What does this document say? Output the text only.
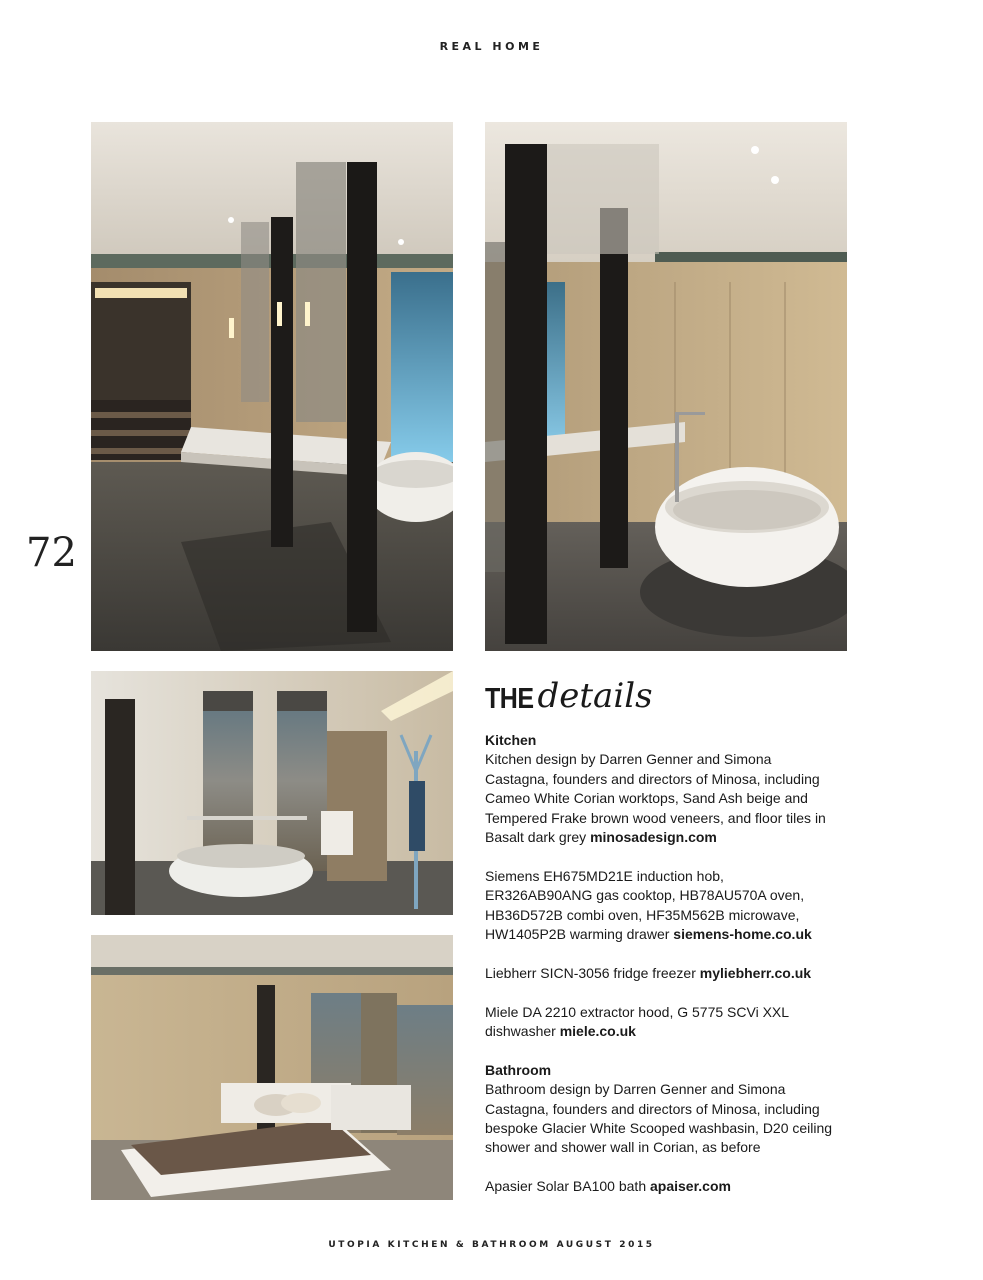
REAL HOME
72
THE details
Kitchen

Kitchen design by Darren Genner and Simona Castagna, founders and directors of Minosa, including Cameo White Corian worktops, Sand Ash beige and Tempered Frake brown wood veneers, and floor tiles in Basalt dark grey minosadesign.com

Siemens EH675MD21E induction hob, ER326AB90ANG gas cooktop, HB78AU570A oven, HB36D572B combi oven, HF35M562B microwave, HW1405P2B warming drawer siemens-home.co.uk

Liebherr SICN-3056 fridge freezer myliebherr.co.uk

Miele DA 2210 extractor hood, G 5775 SCVi XXL dishwasher miele.co.uk

Bathroom

Bathroom design by Darren Genner and Simona Castagna, founders and directors of Minosa, including bespoke Glacier White Scooped washbasin, D20 ceiling shower and shower wall in Corian, as before

Apasier Solar BA100 bath apaiser.com

UTOPIA KITCHEN & BATHROOM AUGUST 2015
